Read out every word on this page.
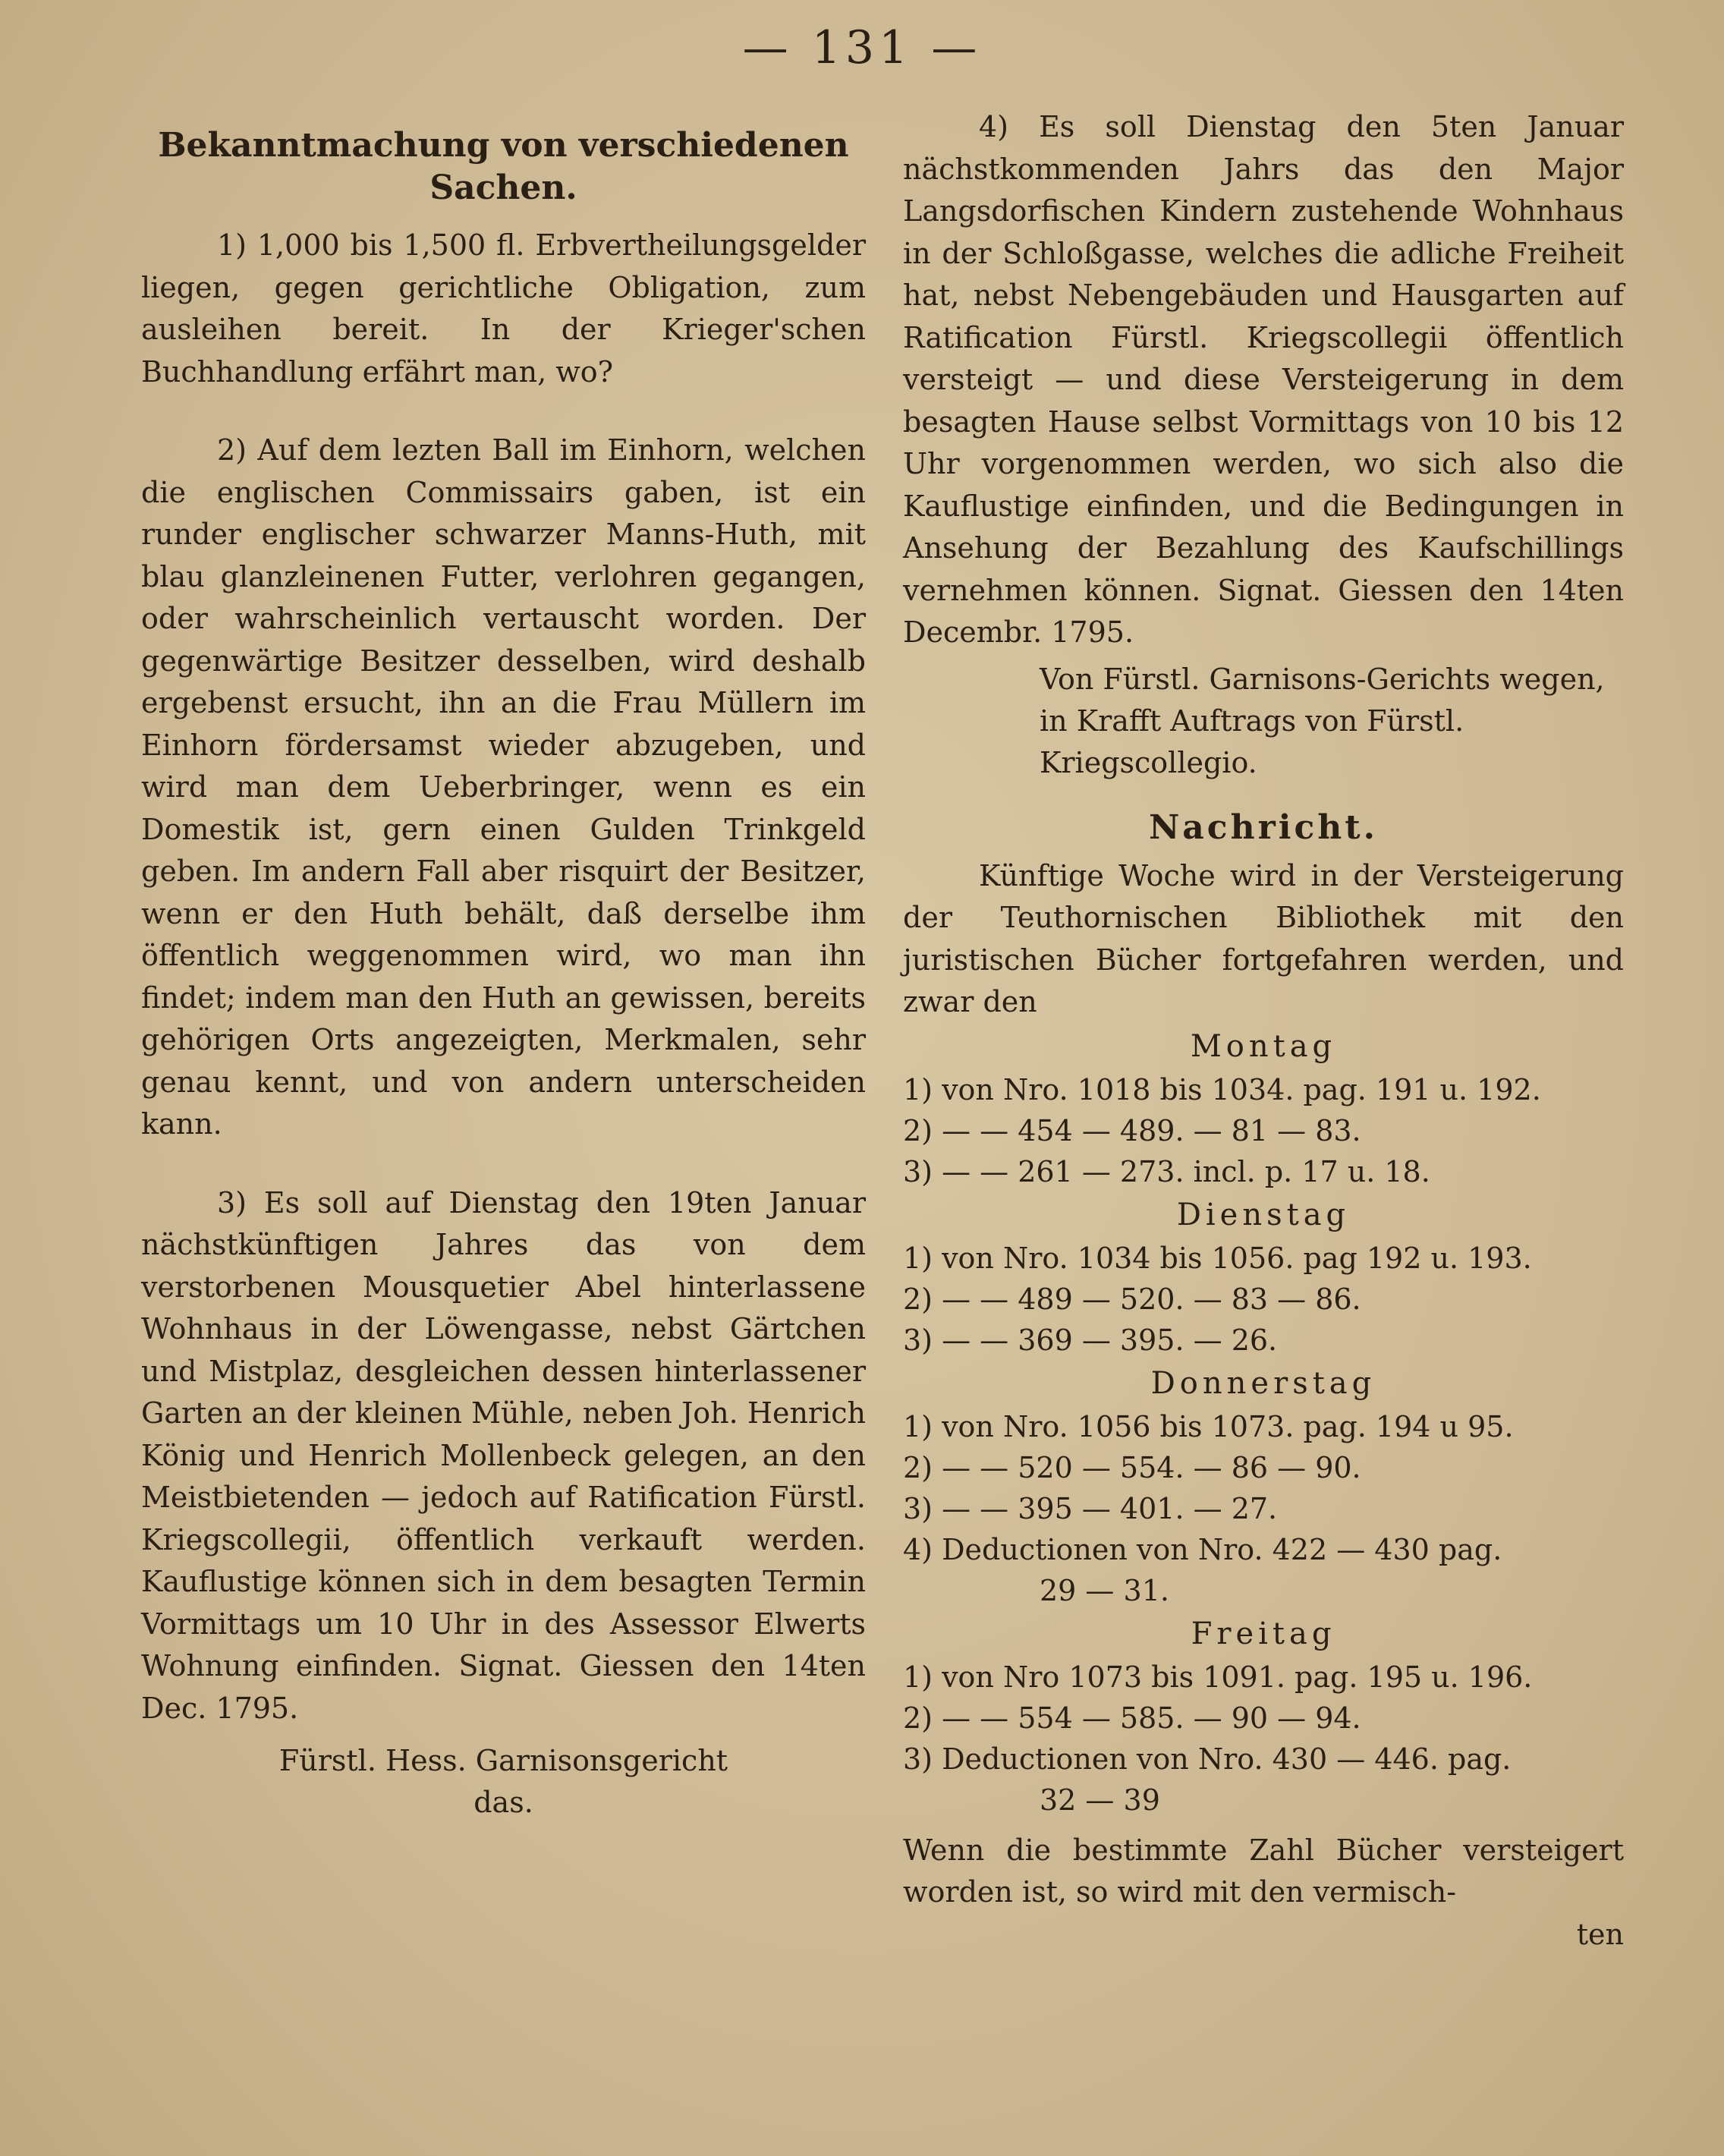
— 131 —
Bekanntmachung von verschiedenen Sachen.

1) 1,000 bis 1,500 fl. Erbvertheilungsgelder liegen, gegen gerichtliche Obligation, zum ausleihen bereit. In der Krieger'schen Buchhandlung erfährt man, wo?

2) Auf dem lezten Ball im Einhorn, welchen die englischen Commissairs gaben, ist ein runder englischer schwarzer Manns-Huth, mit blau glanzleinenen Futter, verlohren gegangen, oder wahrscheinlich vertauscht worden. Der gegenwärtige Besitzer desselben, wird deshalb ergebenst ersucht, ihn an die Frau Müllern im Einhorn fördersamst wieder abzugeben, und wird man dem Ueberbringer, wenn es ein Domestik ist, gern einen Gulden Trinkgeld geben. Im andern Fall aber risquirt der Besitzer, wenn er den Huth behält, daß derselbe ihm öffentlich weggenommen wird, wo man ihn findet; indem man den Huth an gewissen, bereits gehörigen Orts angezeigten, Merkmalen, sehr genau kennt, und von andern unterscheiden kann.

3) Es soll auf Dienstag den 19ten Januar nächstkünftigen Jahres das von dem verstorbenen Mousquetier Abel hinterlassene Wohnhaus in der Löwengasse, nebst Gärtchen und Mistplaz, desgleichen dessen hinterlassener Garten an der kleinen Mühle, neben Joh. Henrich König und Henrich Mollenbeck gelegen, an den Meistbietenden — jedoch auf Ratification Fürstl. Kriegscollegii, öffentlich verkauft werden. Kauflustige können sich in dem besagten Termin Vormittags um 10 Uhr in des Assessor Elwerts Wohnung einfinden. Signat. Giessen den 14ten Dec. 1795.

Fürstl. Hess. Garnisonsgericht
das.

4) Es soll Dienstag den 5ten Januar nächstkommenden Jahrs das den Major Langsdorfischen Kindern zustehende Wohnhaus in der Schloßgasse, welches die adliche Freiheit hat, nebst Nebengebäuden und Hausgarten auf Ratification Fürstl. Kriegscollegii öffentlich versteigt — und diese Versteigerung in dem besagten Hause selbst Vormittags von 10 bis 12 Uhr vorgenommen werden, wo sich also die Kauflustige einfinden, und die Bedingungen in Ansehung der Bezahlung des Kaufschillings vernehmen können. Signat. Giessen den 14ten Decembr. 1795.

Von Fürstl. Garnisons-Gerichts wegen, in Krafft Auftrags von Fürstl. Kriegscollegio.
Nachricht.

Künftige Woche wird in der Versteigerung der Teuthornischen Bibliothek mit den juristischen Bücher fortgefahren werden, und zwar den

Montag
1) von Nro. 1018 bis 1034. pag. 191 u. 192.
2) — — 454 — 489. — 81 — 83.
3) — — 261 — 273. incl. p. 17 u. 18.
Dienstag
1) von Nro. 1034 bis 1056. pag 192 u. 193.
2) — — 489 — 520. — 83 — 86.
3) — — 369 — 395. — 26.
Donnerstag
1) von Nro. 1056 bis 1073. pag. 194 u 95.
2) — — 520 — 554. — 86 — 90.
3) — — 395 — 401. — 27.
4) Deductionen von Nro. 422 — 430 pag.
29 — 31.
Freitag
1) von Nro 1073 bis 1091. pag. 195 u. 196.
2) — — 554 — 585. — 90 — 94.
3) Deductionen von Nro. 430 — 446. pag.
32 — 39

Wenn die bestimmte Zahl Bücher versteigert worden ist, so wird mit den vermisch-

ten
